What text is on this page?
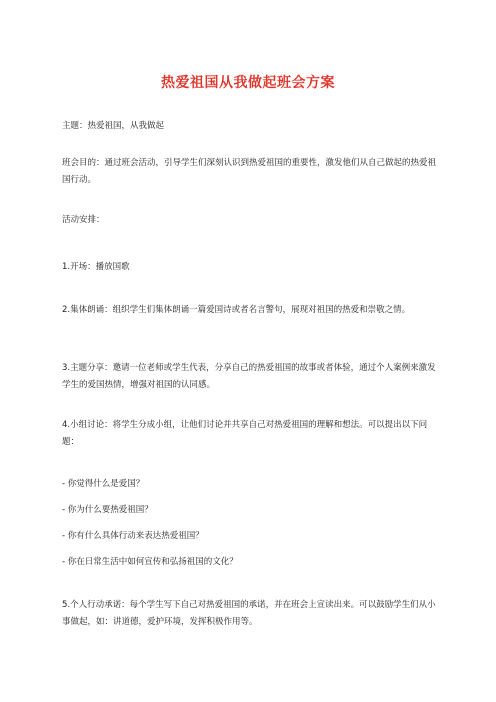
热爱祖国从我做起班会方案

主题：热爱祖国，从我做起

班会目的：通过班会活动，引导学生们深刻认识到热爱祖国的重要性，激发他们从自己做起的热爱祖国行动。

活动安排：

1.开场：播放国歌

2.集体朗诵：组织学生们集体朗诵一篇爱国诗或者名言警句，展现对祖国的热爱和崇敬之情。

3.主题分享：邀请一位老师或学生代表，分享自己的热爱祖国的故事或者体验，通过个人案例来激发学生的爱国热情，增强对祖国的认同感。

4.小组讨论：将学生分成小组，让他们讨论并共享自己对热爱祖国的理解和想法。可以提出以下问题：

- 你觉得什么是爱国？

- 你为什么要热爱祖国？

- 你有什么具体行动来表达热爱祖国？

- 你在日常生活中如何宣传和弘扬祖国的文化？

5.个人行动承诺：每个学生写下自己对热爱祖国的承诺，并在班会上宣读出来。可以鼓励学生们从小事做起，如：讲道德，爱护环境，发挥积极作用等。
